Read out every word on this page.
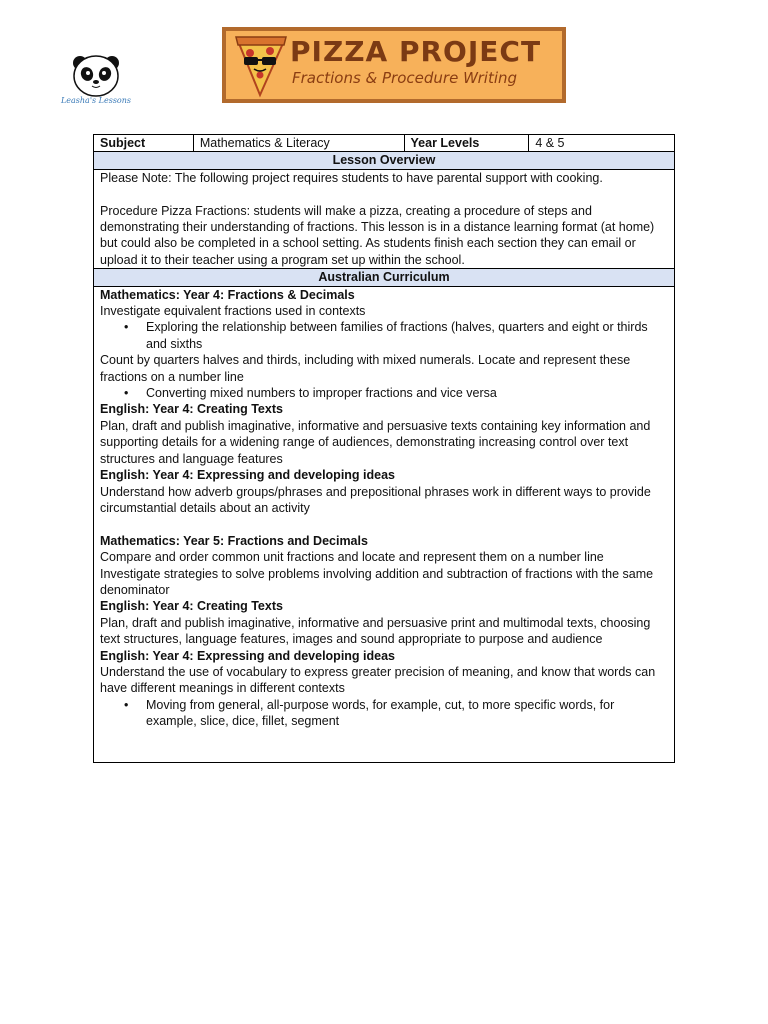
Leasha's Lessons
PIZZA PROJECT
Fractions & Procedure Writing
Subject	Mathematics & Literacy	Year Levels	4 & 5
Lesson Overview

Please Note: The following project requires students to have parental support with cooking.

Procedure Pizza Fractions: students will make a pizza, creating a procedure of steps and demonstrating their understanding of fractions. This lesson is in a distance learning format (at home) but could also be completed in a school setting. As students finish each section they can email or upload it to their teacher using a program set up within the school.

Australian Curriculum

Mathematics: Year 4: Fractions & Decimals

Investigate equivalent fractions used in contexts

• Exploring the relationship between families of fractions (halves, quarters and eight or thirds and sixths

Count by quarters halves and thirds, including with mixed numerals. Locate and represent these fractions on a number line

• Converting mixed numbers to improper fractions and vice versa

English: Year 4: Creating Texts

Plan, draft and publish imaginative, informative and persuasive texts containing key information and supporting details for a widening range of audiences, demonstrating increasing control over text structures and language features

English: Year 4: Expressing and developing ideas

Understand how adverb groups/phrases and prepositional phrases work in different ways to provide circumstantial details about an activity

Mathematics: Year 5: Fractions and Decimals

Compare and order common unit fractions and locate and represent them on a number line

Investigate strategies to solve problems involving addition and subtraction of fractions with the same denominator

English: Year 4: Creating Texts

Plan, draft and publish imaginative, informative and persuasive print and multimodal texts, choosing text structures, language features, images and sound appropriate to purpose and audience

English: Year 4: Expressing and developing ideas

Understand the use of vocabulary to express greater precision of meaning, and know that words can have different meanings in different contexts

• Moving from general, all-purpose words, for example, cut, to more specific words, for example, slice, dice, fillet, segment
